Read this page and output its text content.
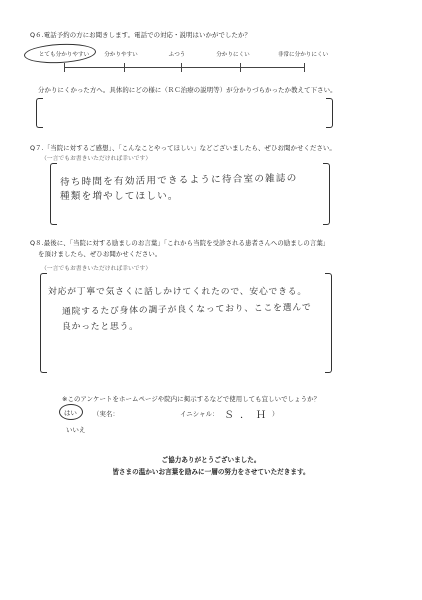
Q６.電話予約の方にお聞きします。電話での対応・説明はいかがでしたか？
とても分かりやすい	分かりやすい	ふつう	分かりにくい	非常に分かりにくい
分かりにくかった方へ。具体的にどの様に（ＲＣ治療の説明等）が分かりづらかったか教えて下さい。
Q７.「当院に対するご感想」、「こんなことやってほしい」などございましたら、ぜひお聞かせください。
（一言でもお書きいただければ幸いです）
待ち時間を有効活用できるように待合室の雑誌の
種類を増やしてほしい。
Q８.最後に、「当院に対する励ましのお言葉」「これから当院を受診される患者さんへの励ましの言葉」
を頂けましたら、ぜひお聞かせください。
（一言でもお書きいただければ幸いです）
対応が丁寧で気さくに話しかけてくれたので、安心できる。
通院するたび身体の調子が良くなっており、ここを選んで
良かったと思う。
※このアンケートをホームページや院内に掲示するなどで使用しても宜しいでしょうか？
はい
いいえ
（実名：	イニシャル： Ｓ．Ｈ ）
ご協力ありがとうございました。
皆さまの温かいお言葉を励みに一層の努力をさせていただきます。
